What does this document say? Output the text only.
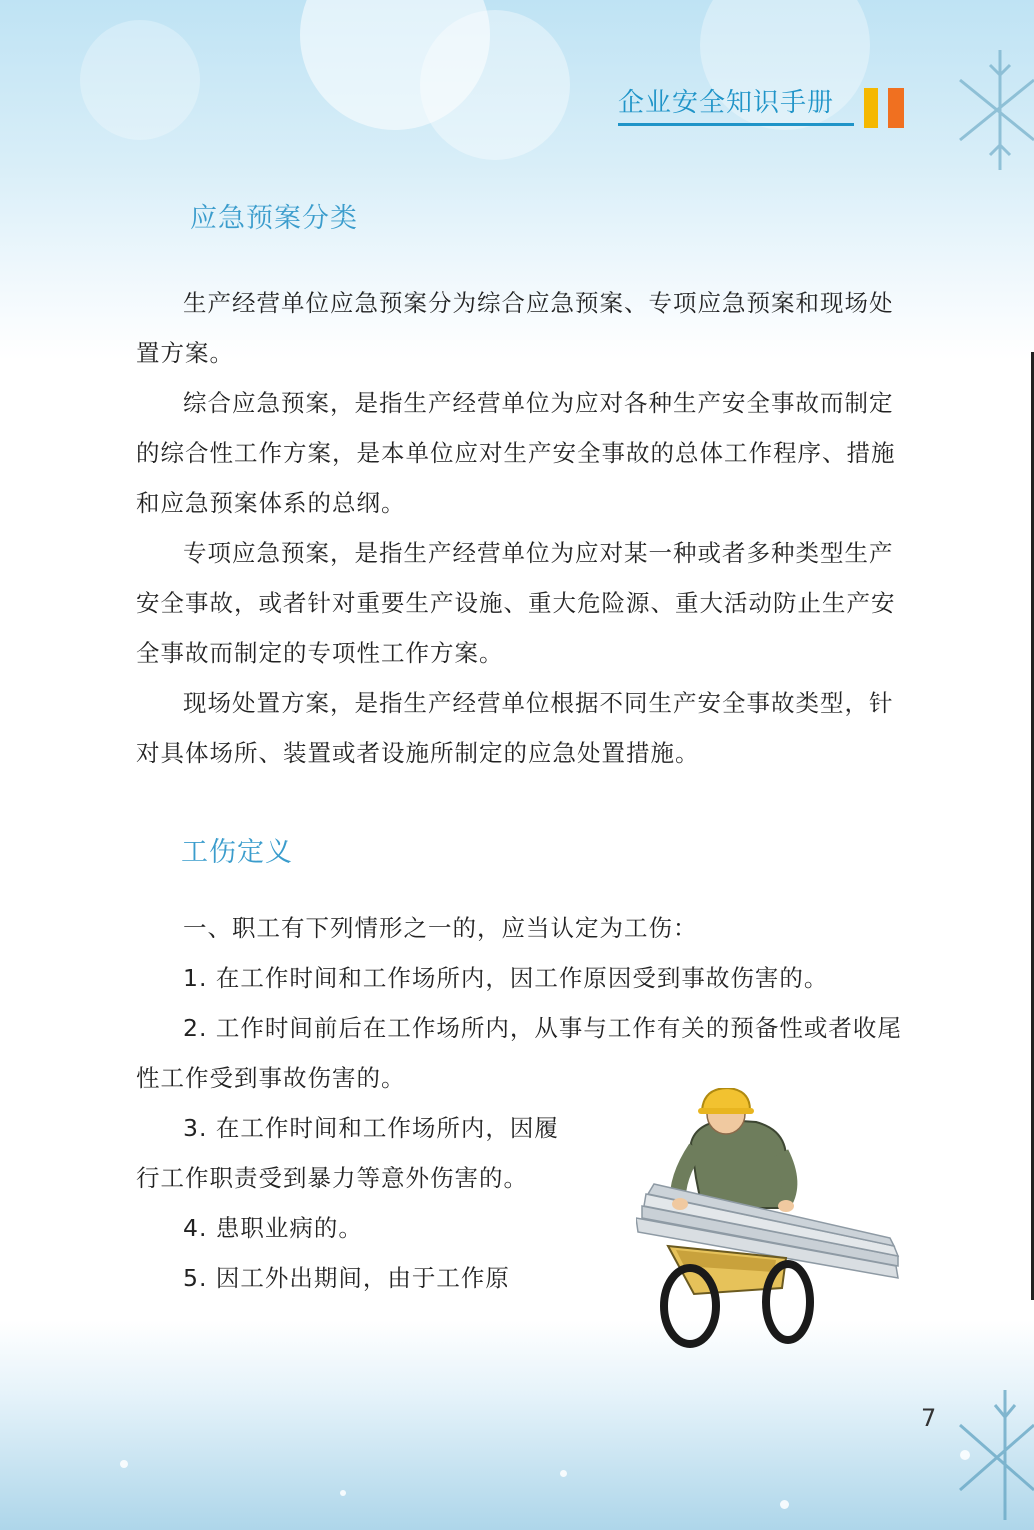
企业安全知识手册
应急预案分类

生产经营单位应急预案分为综合应急预案、专项应急预案和现场处置方案。

综合应急预案，是指生产经营单位为应对各种生产安全事故而制定的综合性工作方案，是本单位应对生产安全事故的总体工作程序、措施和应急预案体系的总纲。

专项应急预案，是指生产经营单位为应对某一种或者多种类型生产安全事故，或者针对重要生产设施、重大危险源、重大活动防止生产安全事故而制定的专项性工作方案。

现场处置方案，是指生产经营单位根据不同生产安全事故类型，针对具体场所、装置或者设施所制定的应急处置措施。

工伤定义

一、职工有下列情形之一的，应当认定为工伤：

1. 在工作时间和工作场所内，因工作原因受到事故伤害的。

2. 工作时间前后在工作场所内，从事与工作有关的预备性或者收尾性工作受到事故伤害的。

3. 在工作时间和工作场所内，因履行工作职责受到暴力等意外伤害的。

4. 患职业病的。

5. 因工外出期间，由于工作原

7
